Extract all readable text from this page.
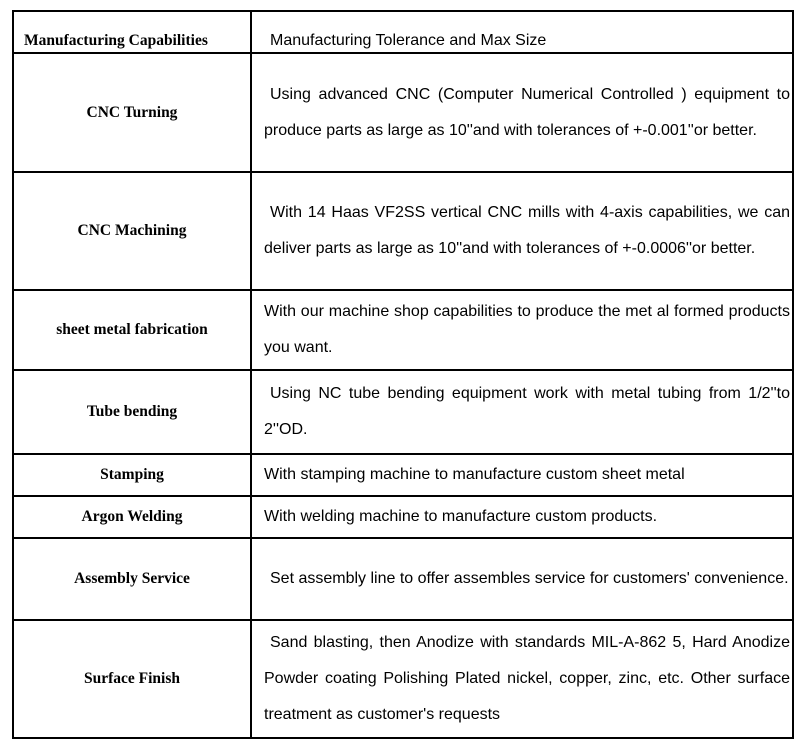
Manufacturing Capabilities	Manufacturing Tolerance and Max Size
CNC Turning	Using advanced CNC (Computer Numerical Controlled ) equipment to produce parts as large as 10''and with tolerances of +-0.001''or better.
CNC Machining	With 14 Haas VF2SS vertical CNC mills with 4-axis capabilities, we can deliver parts as large as 10''and with tolerances of +-0.0006''or better.
sheet metal fabrication	With our machine shop capabilities to produce the met al formed products you want.
Tube bending	Using NC tube bending equipment work with metal tubing from 1/2''to 2''OD.
Stamping	With stamping machine to manufacture custom sheet metal
Argon Welding	With welding machine to manufacture custom products.
Assembly Service	Set assembly line to offer assembles service for customers' convenience.
Surface Finish	Sand blasting, then Anodize with standards MIL-A-862 5, Hard Anodize Powder coating Polishing Plated nickel, copper, zinc, etc. Other surface treatment as customer's requests
